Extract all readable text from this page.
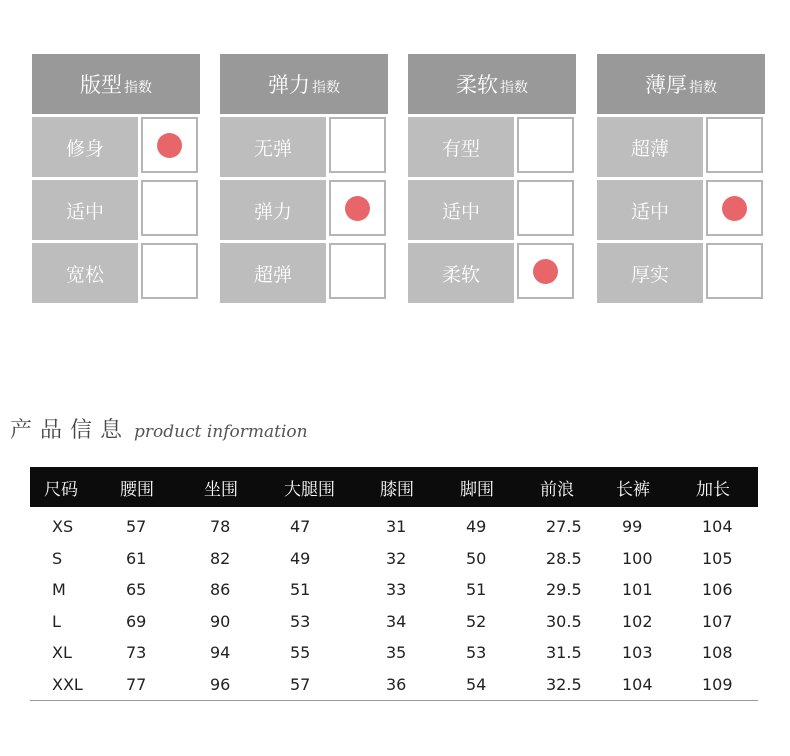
版型 指数
修身
适中
宽松
弹力 指数
无弹
弹力
超弹
柔软 指数
有型
适中
柔软
薄厚 指数
超薄
适中
厚实
产品信息 product information
尺码	腰围	坐围	大腿围	膝围	脚围	前浪	长裤	加长

XS	57	78	47	31	49	27.5	99	104
S	61	82	49	32	50	28.5	100	105
M	65	86	51	33	51	29.5	101	106
L	69	90	53	34	52	30.5	102	107
XL	73	94	55	35	53	31.5	103	108
XXL	77	96	57	36	54	32.5	104	109
